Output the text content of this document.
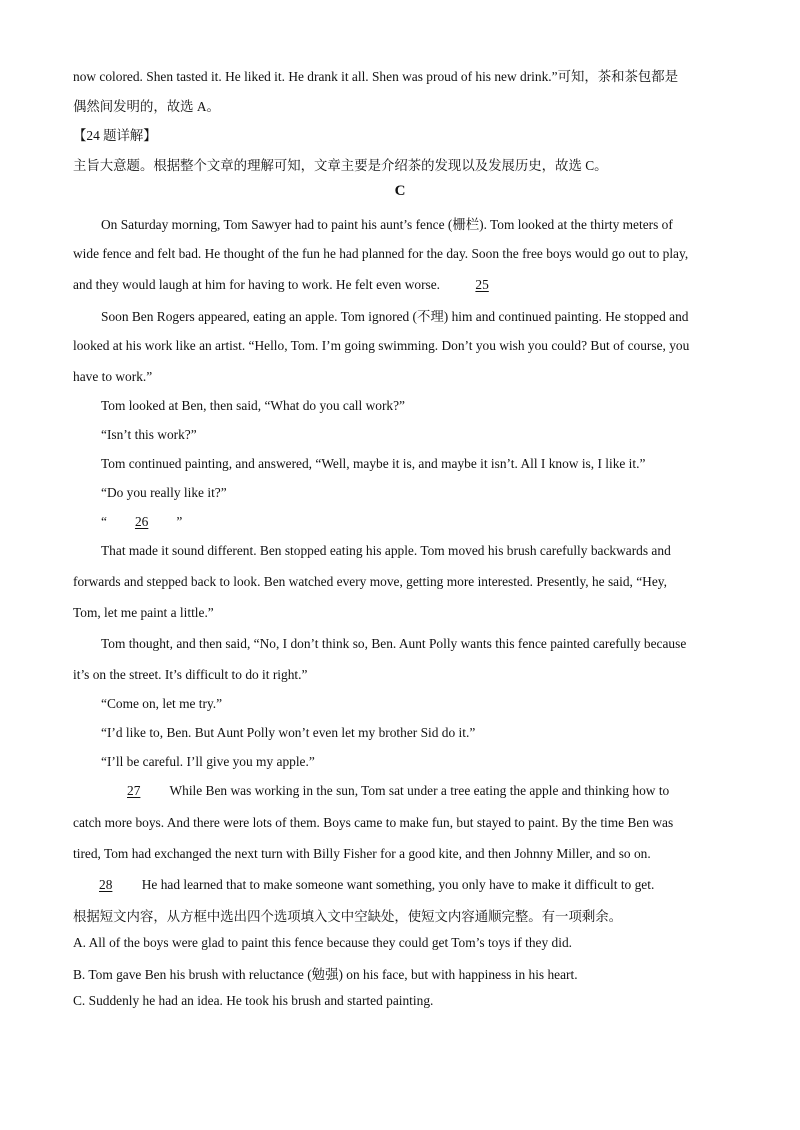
now colored. Shen tasted it. He liked it. He drank it all. Shen was proud of his new drink.”可知，茶和茶包都是
偶然间发明的，故选 A。
【24 题详解】
主旨大意题。根据整个文章的理解可知，文章主要是介绍茶的发现以及发展历史，故选 C。
C
On Saturday morning, Tom Sawyer had to paint his aunt’s fence (栅栏). Tom looked at the thirty meters of
wide fence and felt bad. He thought of the fun he had planned for the day. Soon the free boys would go out to play,
and they would laugh at him for having to work. He felt even worse. 25
Soon Ben Rogers appeared, eating an apple. Tom ignored (不理) him and continued painting. He stopped and
looked at his work like an artist. “Hello, Tom. I’m going swimming. Don’t you wish you could? But of course, you
have to work.”
Tom looked at Ben, then said, “What do you call work?”
“Isn’t this work?”
Tom continued painting, and answered, “Well, maybe it is, and maybe it isn’t. All I know is, I like it.”
“Do you really like it?”
“ 26 ”
That made it sound different. Ben stopped eating his apple. Tom moved his brush carefully backwards and
forwards and stepped back to look. Ben watched every move, getting more interested. Presently, he said, “Hey,
Tom, let me paint a little.”
Tom thought, and then said, “No, I don’t think so, Ben. Aunt Polly wants this fence painted carefully because
it’s on the street. It’s difficult to do it right.”
“Come on, let me try.”
“I’d like to, Ben. But Aunt Polly won’t even let my brother Sid do it.”
“I’ll be careful. I’ll give you my apple.”
27 While Ben was working in the sun, Tom sat under a tree eating the apple and thinking how to
catch more boys. And there were lots of them. Boys came to make fun, but stayed to paint. By the time Ben was
tired, Tom had exchanged the next turn with Billy Fisher for a good kite, and then Johnny Miller, and so on.
28 He had learned that to make someone want something, you only have to make it difficult to get.
根据短文内容，从方框中选出四个选项填入文中空缺处，使短文内容通顺完整。有一项剩余。
A. All of the boys were glad to paint this fence because they could get Tom’s toys if they did.
B. Tom gave Ben his brush with reluctance (勉强) on his face, but with happiness in his heart.
C. Suddenly he had an idea. He took his brush and started painting.
